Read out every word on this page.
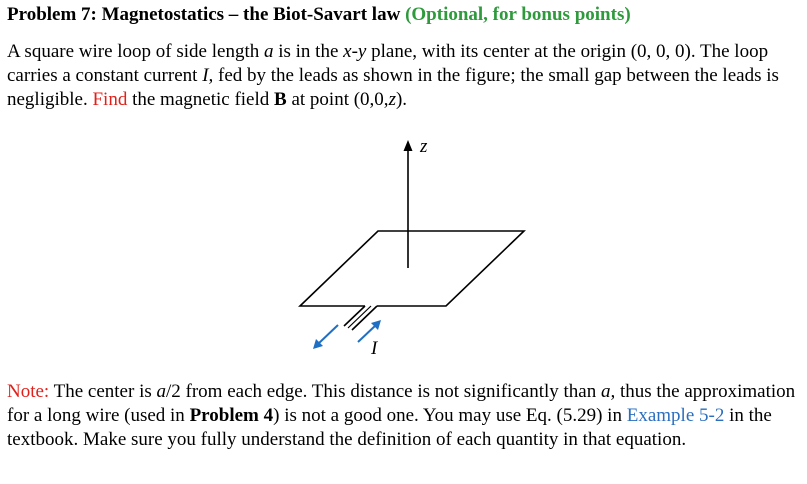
Problem 7: Magnetostatics – the Biot-Savart law (Optional, for bonus points)
A square wire loop of side length a is in the x-y plane, with its center at the origin (0, 0, 0). The loop carries a constant current I, fed by the leads as shown in the figure; the small gap between the leads is negligible. Find the magnetic field B at point (0,0,z).
z
I
Note: The center is a/2 from each edge. This distance is not significantly than a, thus the approximation for a long wire (used in Problem 4) is not a good one. You may use Eq. (5.29) in Example 5-2 in the textbook. Make sure you fully understand the definition of each quantity in that equation.
